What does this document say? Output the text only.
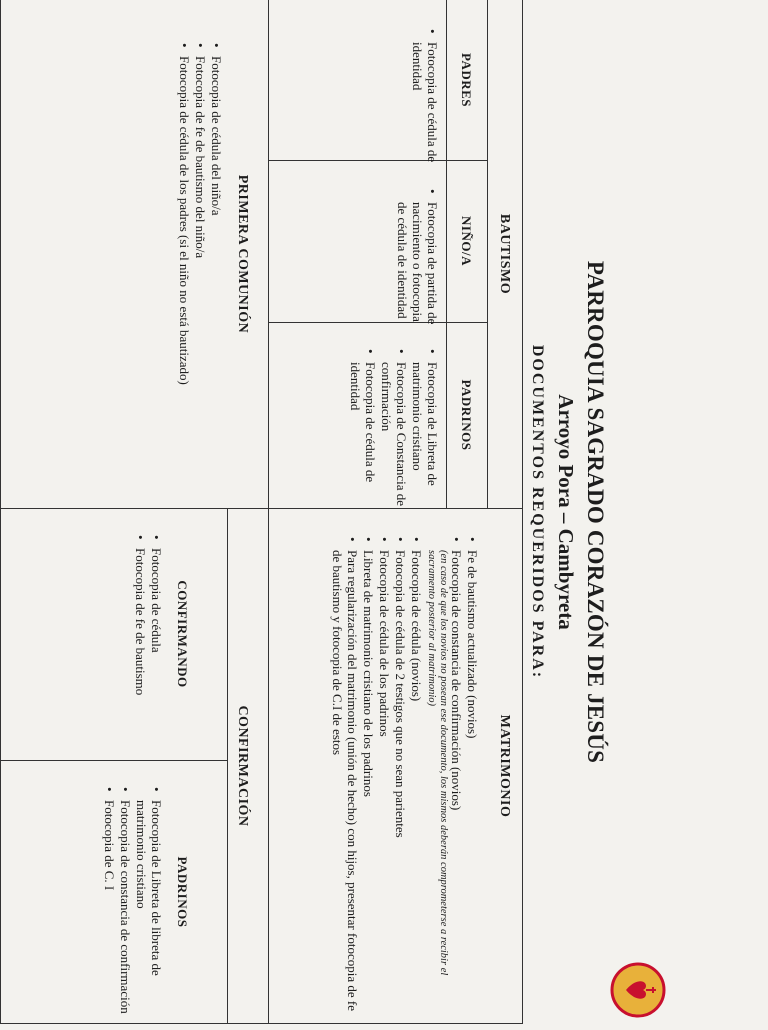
PARROQUIA SAGRADO CORAZÓN DE JESÚS
Arroyo Pora – Cambyreta
DOCUMENTOS REQUERIDOS PARA:
BAUTISMO
PADRES
NIÑO/A
PADRINOS
• Fotocopia de cédula de identidad
• Fotocopia de partida de nacimiento o fotocopia de cédula de identidad
• Fotocopia de Libreta de matrimonio cristiano
• Fotocopia de Constancia de confirmación
• Fotocopia de cédula de identidad
MATRIMONIO
• Fe de bautismo actualizado (novios)
• Fotocopia de constancia de confirmación (novios)
(en caso de que los novios no posean ese documento, los mismos deberán comprometerse a recibir el sacramento posterior al matrimonio)
• Fotocopia de cédula (novios)
• Fotocopia de cédula de 2 testigos que no sean parientes
• Fotocopia de cédula de los padrinos
• Libreta de matrimonio cristiano de los padrinos
• Para regularización del matrimonio (unión de hecho) con hijos, presentar fotocopia de fe de bautismo y fotocopia de C.I de estos
PRIMERA COMUNIÓN
• Fotocopia de cédula del niño/a
• Fotocopia de fe de bautismo del niño/a
• Fotocopia de cédula de los padres (si el niño no está bautizado)
CONFIRMACIÓN
CONFIRMANDO
PADRINOS
• Fotocopia de cédula
• Fotocopia de fe de bautismo
• Fotocopia de Libreta de libreta de matrimonio cristiano
• Fotocopia de constancia de confirmación
• Fotocopia de C. I
